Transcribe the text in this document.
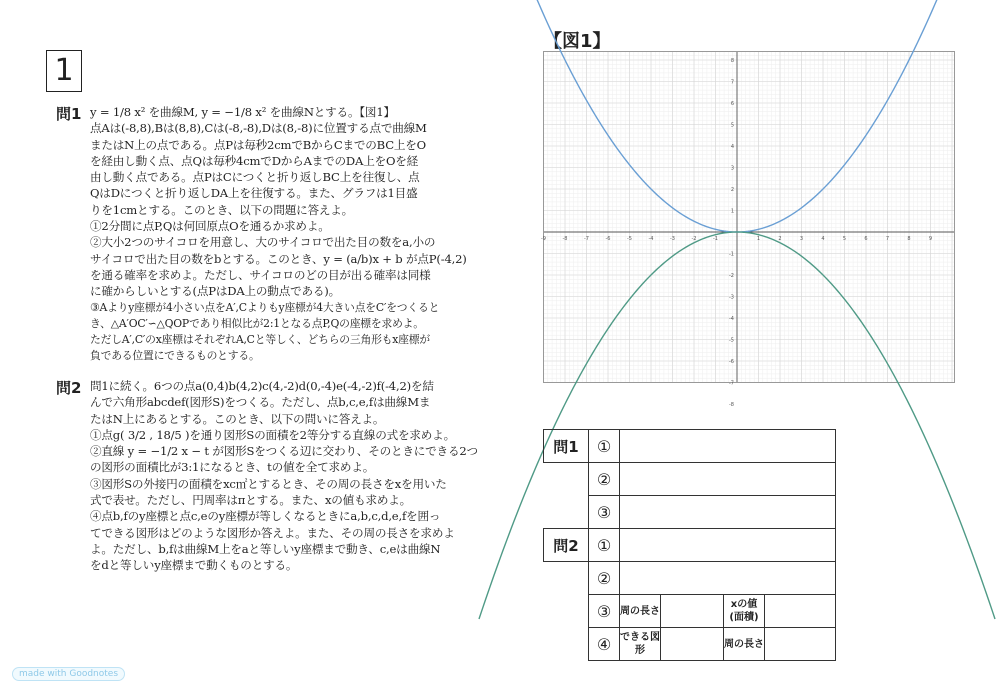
1
問1 y = 1/8 x² を曲線M, y = −1/8 x² を曲線Nとする。【図1】
点Aは(-8,8),Bは(8,8),Cは(-8,-8),Dは(8,-8)に位置する点で曲線M
またはN上の点である。点Pは毎秒2cmでBからCまでのBC上をO
を経由し動く点、点Qは毎秒4cmでDからAまでのDA上をOを経
由し動く点である。点PはCにつくと折り返しBC上を往復し、点
QはDにつくと折り返しDA上を往復する。また、グラフは1目盛
りを1cmとする。このとき、以下の問題に答えよ。
①2分間に点P,Qは何回原点Oを通るか求めよ。
②大小2つのサイコロを用意し、大のサイコロで出た目の数をa,小の
サイコロで出た目の数をbとする。このとき、y = (a/b)x + b が点P(-4,2)
を通る確率を求めよ。ただし、サイコロのどの目が出る確率は同様
に確からしいとする(点PはDA上の動点である)。
③Aよりy座標が4小さい点をA′,Cよりもy座標が4大きい点をC′をつくると
き、△A′OC′∽△QOPであり相似比が2:1となる点P,Qの座標を求めよ。
ただしA′,C′のx座標はそれぞれA,Cと等しく、どちらの三角形もx座標が
負である位置にできるものとする。
問2 問1に続く。6つの点a(0,4)b(4,2)c(4,-2)d(0,-4)e(-4,-2)f(-4,2)を結
んで六角形abcdef(図形S)をつくる。ただし、点b,c,e,fは曲線Mま
たはN上にあるとする。このとき、以下の問いに答えよ。
①点g( 3/2 , 18/5 )を通り図形Sの面積を2等分する直線の式を求めよ。
②直線 y = −1/2 x − t が図形Sをつくる辺に交わり、そのときにできる2つ
の図形の面積比が3:1になるとき、tの値を全て求めよ。
③図形Sの外接円の面積をxc㎡とするとき、その周の長さをxを用いた
式で表せ。ただし、円周率はπとする。また、xの値も求めよ。
④点b,fのy座標と点c,eのy座標が等しくなるときにa,b,c,d,e,fを囲っ
てできる図形はどのような図形か答えよ。また、その周の長さを求めよ
よ。ただし、b,fは曲線M上をaと等しいy座標まで動き、c,eは曲線N
をdと等しいy座標まで動くものとする。
【図1】
-9	-8	-7	-6	-5	-4	-3	-2	-1	1	2	3	4	5	6	7	8	9
8
7
6
5
4
3
2
1
-1
-2
-3
-4
-5
-6
-7
-8
問1	①				
	②				
	③				
問2	①				
	②				
	③	周の長さ		xの値(面積)	
	④	できる図形		周の長さ	
made with Goodnotes
